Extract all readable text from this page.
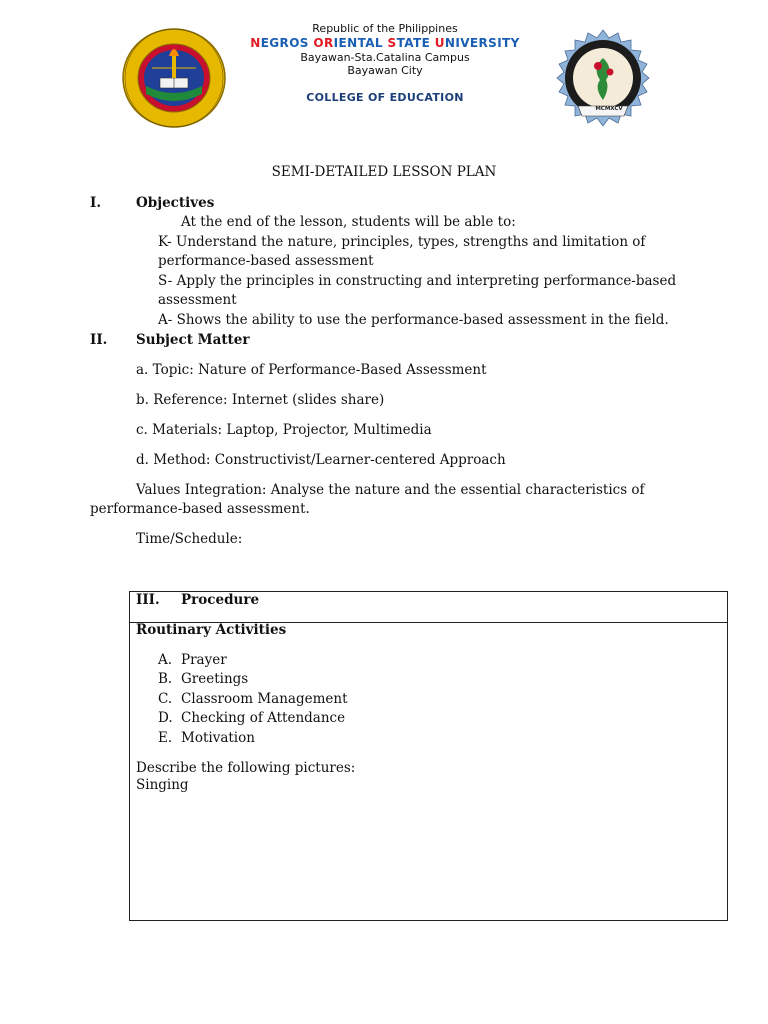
MCMXCV
Republic of the Philippines
NEGROS ORIENTAL STATE UNIVERSITY
Bayawan-Sta.Catalina Campus
Bayawan City
COLLEGE OF EDUCATION
SEMI-DETAILED LESSON PLAN
I.	Objectives
At the end of the lesson, students will be able to:
K- Understand the nature, principles, types, strengths and limitation of
performance-based assessment
S- Apply the principles in constructing and interpreting performance-based
assessment
A- Shows the ability to use the performance-based assessment in the field.
II. Subject Matter
a. Topic: Nature of Performance-Based Assessment
b. Reference: Internet (slides share)
c. Materials: Laptop, Projector, Multimedia
d. Method: Constructivist/Learner-centered Approach
Values Integration: Analyse the nature and the essential characteristics of
performance-based assessment.
Time/Schedule:
III. Procedure
Routinary Activities
A. Prayer
B. Greetings
C. Classroom Management
D. Checking of Attendance
E. Motivation
Describe the following pictures:
Singing
